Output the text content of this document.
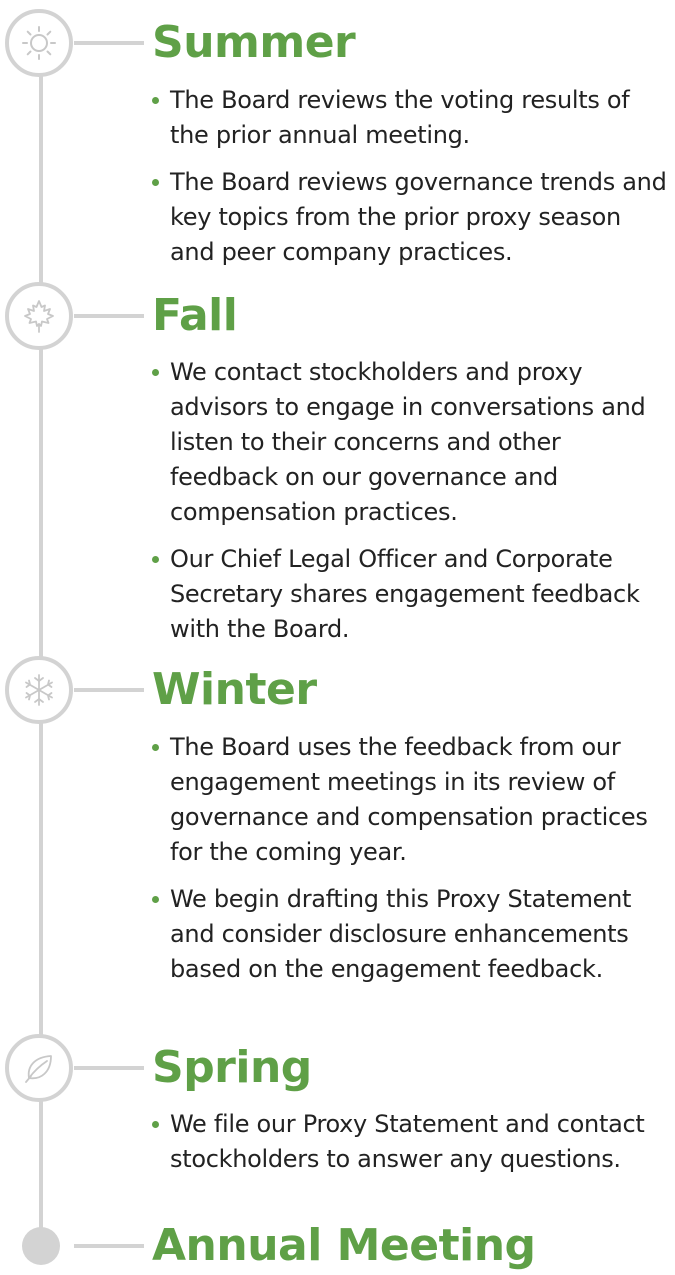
Summer
The Board reviews the voting results of the prior annual meeting.
The Board reviews governance trends and key topics from the prior proxy season and peer company practices.
Fall
We contact stockholders and proxy advisors to engage in conversations and listen to their concerns and other feedback on our governance and compensation practices.
Our Chief Legal Officer and Corporate Secretary shares engagement feedback with the Board.
Winter
The Board uses the feedback from our engagement meetings in its review of governance and compensation practices for the coming year.
We begin drafting this Proxy Statement and consider disclosure enhancements based on the engagement feedback.
Spring
We file our Proxy Statement and contact stockholders to answer any questions.
Annual Meeting
